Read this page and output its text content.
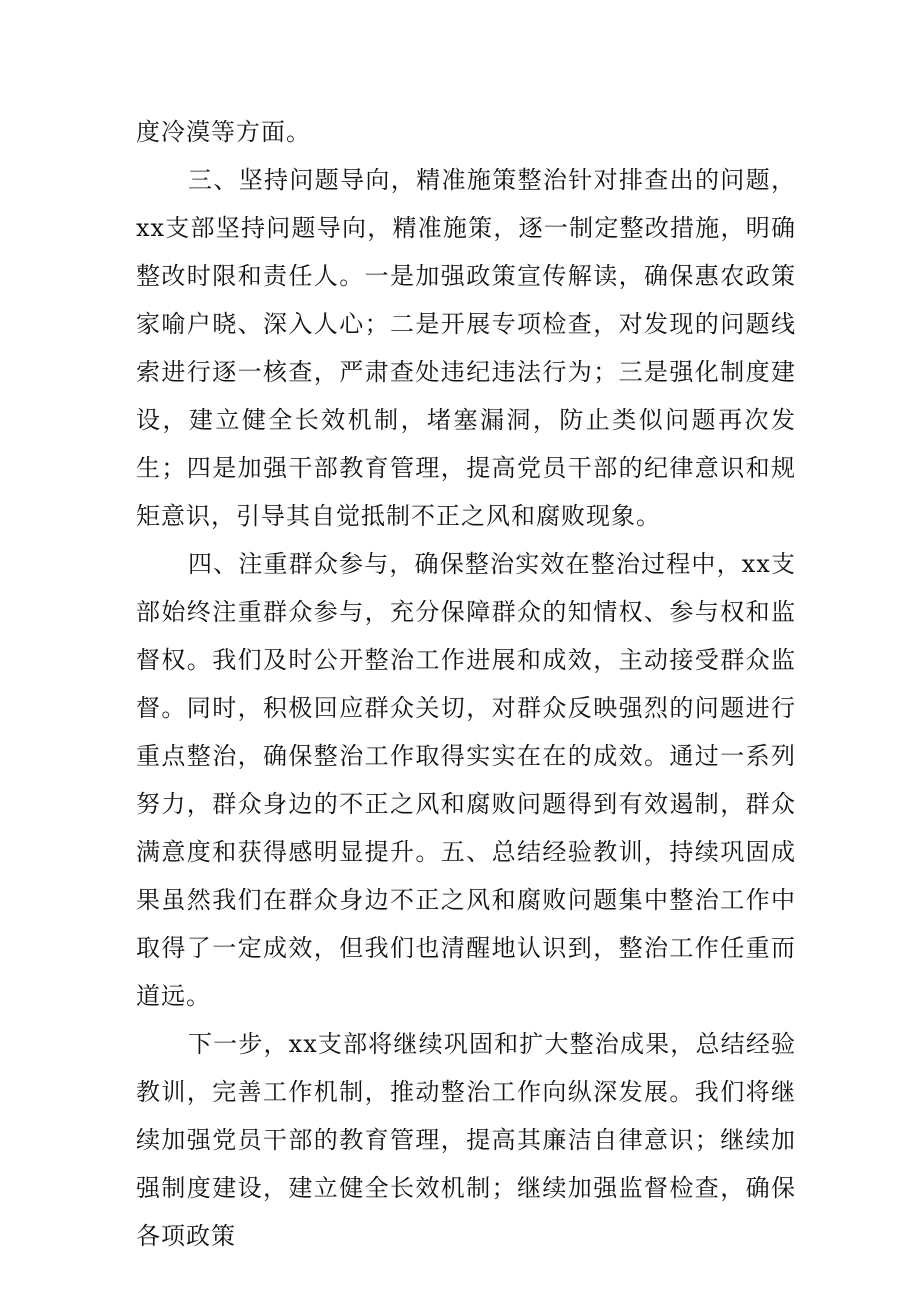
度冷漠等方面。

三、坚持问题导向，精准施策整治针对排查出的问题，xx支部坚持问题导向，精准施策，逐一制定整改措施，明确整改时限和责任人。一是加强政策宣传解读，确保惠农政策家喻户晓、深入人心；二是开展专项检查，对发现的问题线索进行逐一核查，严肃查处违纪违法行为；三是强化制度建设，建立健全长效机制，堵塞漏洞，防止类似问题再次发生；四是加强干部教育管理，提高党员干部的纪律意识和规矩意识，引导其自觉抵制不正之风和腐败现象。

四、注重群众参与，确保整治实效在整治过程中，xx支部始终注重群众参与，充分保障群众的知情权、参与权和监督权。我们及时公开整治工作进展和成效，主动接受群众监督。同时，积极回应群众关切，对群众反映强烈的问题进行重点整治，确保整治工作取得实实在在的成效。通过一系列努力，群众身边的不正之风和腐败问题得到有效遏制，群众满意度和获得感明显提升。五、总结经验教训，持续巩固成果虽然我们在群众身边不正之风和腐败问题集中整治工作中取得了一定成效，但我们也清醒地认识到，整治工作任重而道远。

下一步，xx支部将继续巩固和扩大整治成果，总结经验教训，完善工作机制，推动整治工作向纵深发展。我们将继续加强党员干部的教育管理，提高其廉洁自律意识；继续加强制度建设，建立健全长效机制；继续加强监督检查，确保各项政策
